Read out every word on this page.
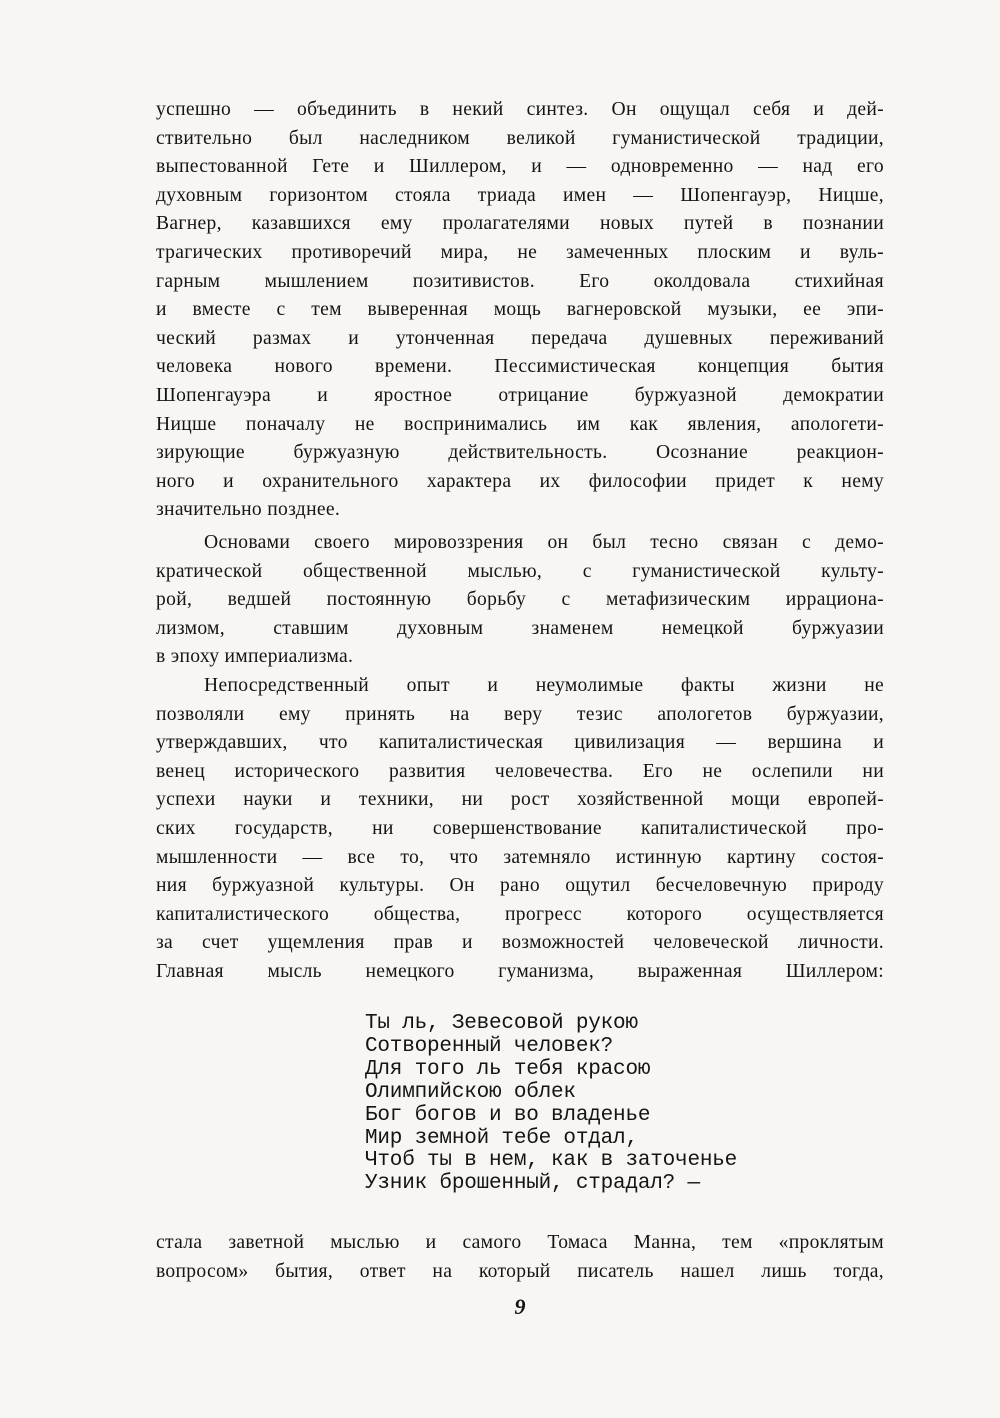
успешно — объединить в некий синтез. Он ощущал себя и дей-
ствительно был наследником великой гуманистической традиции,
выпестованной Гете и Шиллером, и — одновременно — над его
духовным горизонтом стояла триада имен — Шопенгауэр, Ницше,
Вагнер, казавшихся ему пролагателями новых путей в познании
трагических противоречий мира, не замеченных плоским и вуль-
гарным мышлением позитивистов. Его околдовала стихийная
и вместе с тем выверенная мощь вагнеровской музыки, ее эпи-
ческий размах и утонченная передача душевных переживаний
человека нового времени. Пессимистическая концепция бытия
Шопенгауэра и яростное отрицание буржуазной демократии
Ницше поначалу не воспринимались им как явления, апологети-
зирующие буржуазную действительность. Осознание реакцион-
ного и охранительного характера их философии придет к нему
значительно позднее.
Основами своего мировоззрения он был тесно связан с демо-
кратической общественной мыслью, с гуманистической культу-
рой, ведшей постоянную борьбу с метафизическим иррациона-
лизмом, ставшим духовным знаменем немецкой буржуазии
в эпоху империализма.
Непосредственный опыт и неумолимые факты жизни не
позволяли ему принять на веру тезис апологетов буржуазии,
утверждавших, что капиталистическая цивилизация — вершина и
венец исторического развития человечества. Его не ослепили ни
успехи науки и техники, ни рост хозяйственной мощи европей-
ских государств, ни совершенствование капиталистической про-
мышленности — все то, что затемняло истинную картину состоя-
ния буржуазной культуры. Он рано ощутил бесчеловечную природу
капиталистического общества, прогресс которого осуществляется
за счет ущемления прав и возможностей человеческой личности.
Главная мысль немецкого гуманизма, выраженная Шиллером:
Ты ль, Зевесовой рукою
Сотворенный человек?
Для того ль тебя красою
Олимпийскою облек
Бог богов и во владенье
Мир земной тебе отдал,
Чтоб ты в нем, как в заточенье
Узник брошенный, страдал? —
стала заветной мыслью и самого Томаса Манна, тем «проклятым
вопросом» бытия, ответ на который писатель нашел лишь тогда,
9
